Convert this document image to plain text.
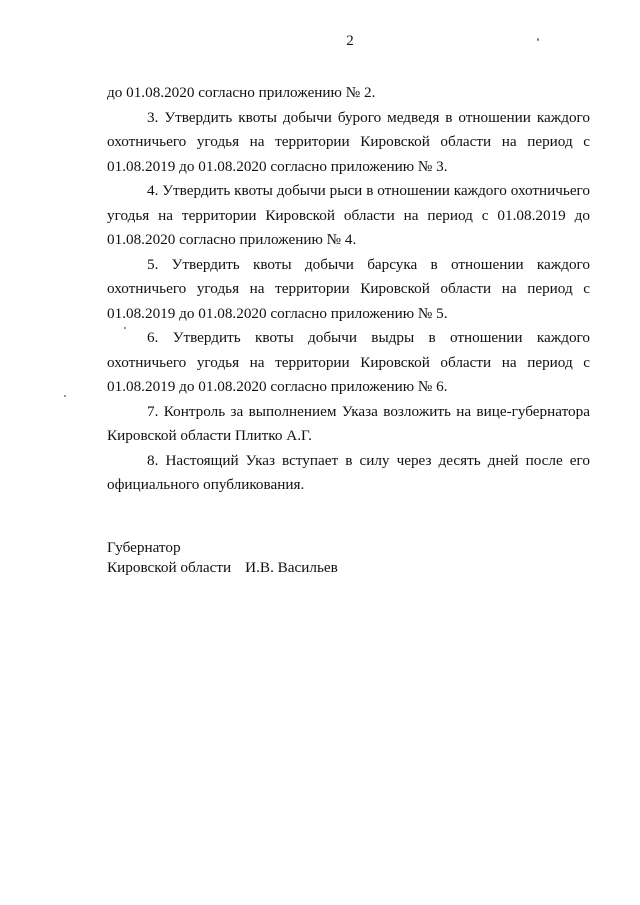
2

до 01.08.2020 согласно приложению № 2.

3. Утвердить квоты добычи бурого медведя в отношении каждого охотничьего угодья на территории Кировской области на период с 01.08.2019 до 01.08.2020 согласно приложению № 3.

4. Утвердить квоты добычи рыси в отношении каждого охотничьего угодья на территории Кировской области на период с 01.08.2019 до 01.08.2020 согласно приложению № 4.

5. Утвердить квоты добычи барсука в отношении каждого охотничьего угодья на территории Кировской области на период с 01.08.2019 до 01.08.2020 согласно приложению № 5.

6. Утвердить квоты добычи выдры в отношении каждого охотничьего угодья на территории Кировской области на период с 01.08.2019 до 01.08.2020 согласно приложению № 6.

7. Контроль за выполнением Указа возложить на вице-губернатора Кировской области Плитко А.Г.

8. Настоящий Указ вступает в силу через десять дней после его официального опубликования.

Губернатор
Кировской области И.В. Васильев
